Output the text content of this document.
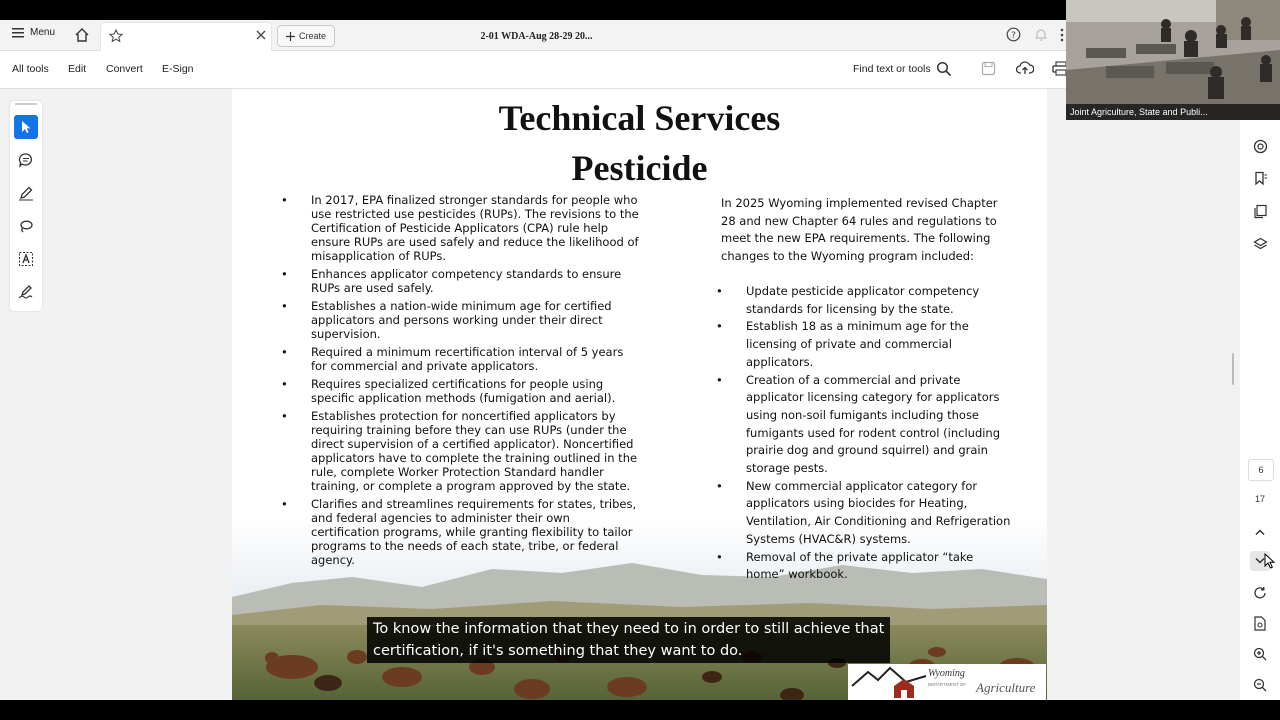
Menu	2-01 WDA-Aug 28-29 20...
Create	?
All tools Edit Convert E-Sign	Find text or tools
Technical Services
Pesticide
• In 2017, EPA finalized stronger standards for people who use restricted use pesticides (RUPs). The revisions to the Certification of Pesticide Applicators (CPA) rule help ensure RUPs are used safely and reduce the likelihood of misapplication of RUPs.
• Enhances applicator competency standards to ensure RUPs are used safely.
• Establishes a nation-wide minimum age for certified applicators and persons working under their direct supervision.
• Required a minimum recertification interval of 5 years for commercial and private applicators.
• Requires specialized certifications for people using specific application methods (fumigation and aerial).
• Establishes protection for noncertified applicators by requiring training before they can use RUPs (under the direct supervision of a certified applicator). Noncertified applicators have to complete the training outlined in the rule, complete Worker Protection Standard handler training, or complete a program approved by the state.
• Clarifies and streamlines requirements for states, tribes, and federal agencies to administer their own certification programs, while granting flexibility to tailor programs to the needs of each state, tribe, or federal agency.
In 2025 Wyoming implemented revised Chapter 28 and new Chapter 64 rules and regulations to meet the new EPA requirements. The following changes to the Wyoming program included:
• Update pesticide applicator competency standards for licensing by the state.
• Establish 18 as a minimum age for the licensing of private and commercial applicators.
• Creation of a commercial and private applicator licensing category for applicators using non-soil fumigants including those fumigants used for rodent control (including prairie dog and ground squirrel) and grain storage pests.
• New commercial applicator category for applicators using biocides for Heating, Ventilation, Air Conditioning and Refrigeration Systems (HVAC&R) systems.
• Removal of the private applicator “take home” workbook.
Wyoming
DEPARTMENT OF Agriculture
6
17
To know the information that they need to in order to still achieve that
certification, if it's something that they want to do.
Joint Agriculture, State and Publi...
